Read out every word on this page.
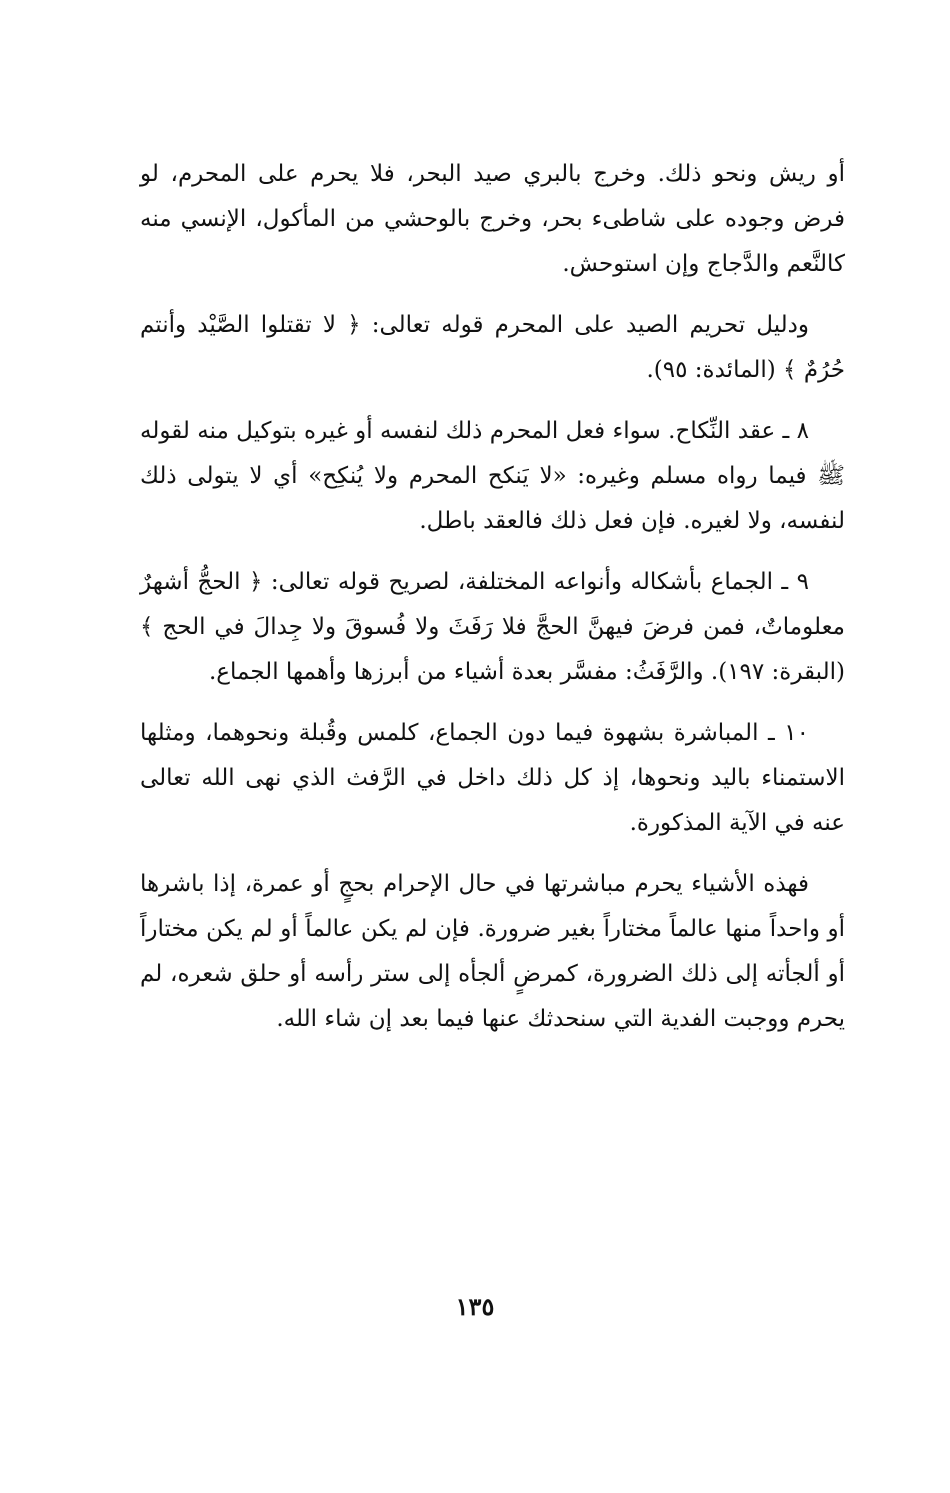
أو ريش ونحو ذلك. وخرج بالبري صيد البحر، فلا يحرم على المحرم، لو فرض وجوده على شاطىء بحر، وخرج بالوحشي من المأكول، الإنسي منه كالنَّعم والدَّجاج وإن استوحش.

ودليل تحريم الصيد على المحرم قوله تعالى: ﴿ لا تقتلوا الصَّيْد وأنتم حُرُمٌ ﴾ (المائدة: ٩٥).

٨ ـ عقد النِّكاح. سواء فعل المحرم ذلك لنفسه أو غيره بتوكيل منه لقوله ﷺ فيما رواه مسلم وغيره: «لا يَنكح المحرم ولا يُنكِح» أي لا يتولى ذلك لنفسه، ولا لغيره. فإن فعل ذلك فالعقد باطل.

٩ ـ الجماع بأشكاله وأنواعه المختلفة، لصريح قوله تعالى: ﴿ الحجُّ أشهرٌ معلوماتٌ، فمن فرضَ فيهنَّ الحجَّ فلا رَفَثَ ولا فُسوقَ ولا جِدالَ في الحج ﴾ (البقرة: ١٩٧). والرَّفَثُ: مفسَّر بعدة أشياء من أبرزها وأهمها الجماع.

١٠ ـ المباشرة بشهوة فيما دون الجماع، كلمس وقُبلة ونحوهما، ومثلها الاستمناء باليد ونحوها، إذ كل ذلك داخل في الرَّفث الذي نهى الله تعالى عنه في الآية المذكورة.

فهذه الأشياء يحرم مباشرتها في حال الإحرام بحجٍ أو عمرة، إذا باشرها أو واحداً منها عالماً مختاراً بغير ضرورة. فإن لم يكن عالماً أو لم يكن مختاراً أو ألجأته إلى ذلك الضرورة، كمرضٍ ألجأه إلى ستر رأسه أو حلق شعره، لم يحرم ووجبت الفدية التي سنحدثك عنها فيما بعد إن شاء الله.

١٣٥
